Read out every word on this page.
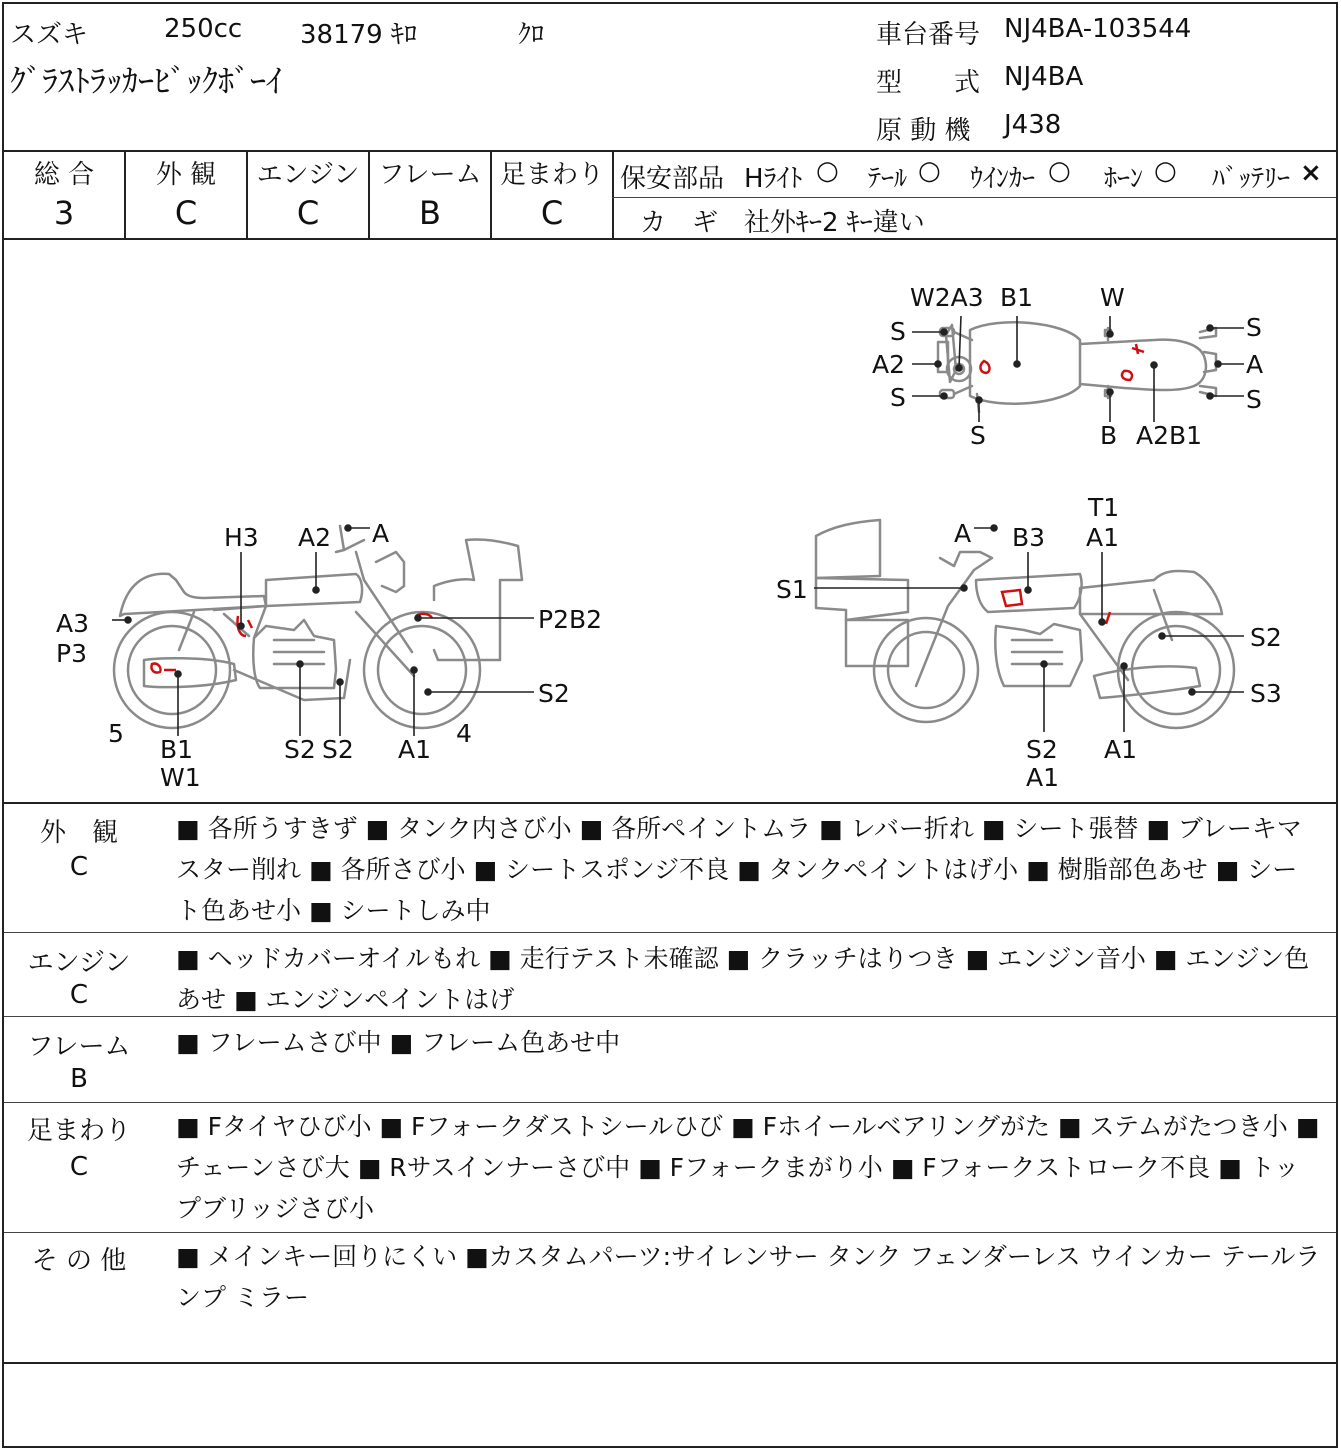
スズキ	250cc 38179 ｷﾛ	ｸﾛ
ｸﾞﾗｽﾄﾗｯｶｰﾋﾞｯｸﾎﾞｰｲ
車台番号 NJ4BA-103544
型　　式 NJ4BA
原 動 機 J438
総 合
3
外 観
C
エンジン
C
フレーム
B
足まわり
C
保安部品 Hﾗｲﾄ ○ ﾃｰﾙ ○ ｳｲﾝｶｰ ○ ﾎｰﾝ ○ ﾊﾞｯﾃﾘｰ ×
カ　ギ 社外ｷｰ2 ｷｰ違い
W2A3 B1	W
S
A2
S
S	B A2B1
S
A
S
H3 A2 A
P2B2
A3
P3
S2
5	4
B1
W1
S2 S2 A1
T1
A1
A B3
S1
S2
S3
S2 A1
A1
外　観
C
■ 各所うすきず ■ タンク内さび小 ■ 各所ペイントムラ ■ レバー折れ ■ シート張替 ■ ブレーキマスター削れ ■ 各所さび小 ■ シートスポンジ不良 ■ タンクペイントはげ小 ■ 樹脂部色あせ ■ シート色あせ小 ■ シートしみ中
エンジン
C
■ ヘッドカバーオイルもれ ■ 走行テスト未確認 ■ クラッチはりつき ■ エンジン音小 ■ エンジン色あせ ■ エンジンペイントはげ
フレーム
B
■ フレームさび中 ■ フレーム色あせ中
足まわり
C
■ Fタイヤひび小 ■ Fフォークダストシールひび ■ Fホイールベアリングがた ■ ステムがたつき小 ■ チェーンさび大 ■ Rサスインナーさび中 ■ Fフォークまがり小 ■ Fフォークストローク不良 ■ トップブリッジさび小
そ の 他	■ メインキー回りにくい ■カスタムパーツ:サイレンサー タンク フェンダーレス ウインカー テールランプ ミラー
